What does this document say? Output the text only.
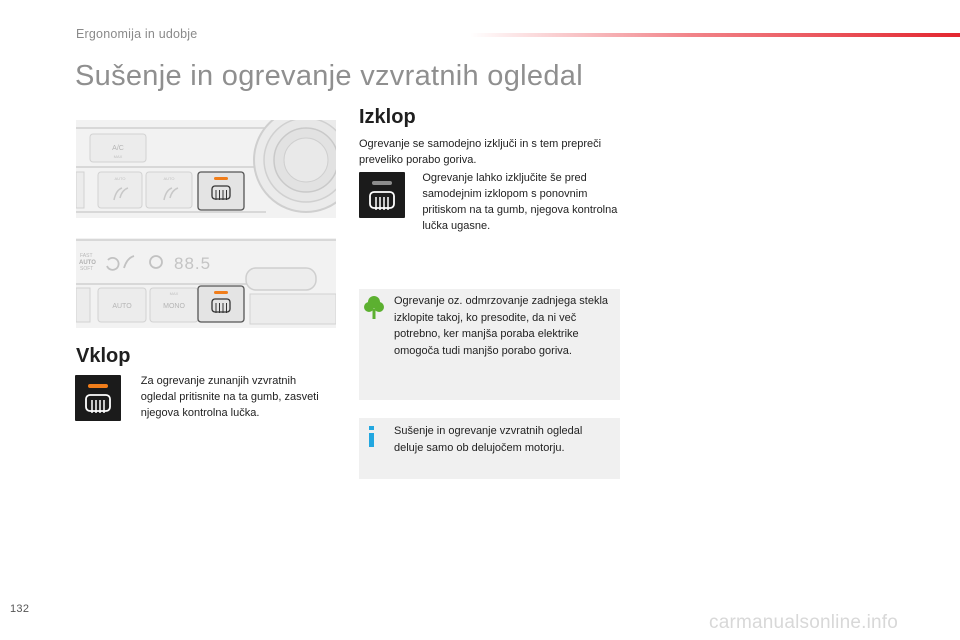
Ergonomija in udobje
Sušenje in ogrevanje vzvratnih ogledal
A/C
MAX
AUTO	AUTO
FAST
AUTO
SOFT	88.5
AUTO
MAX
MONO
Vklop
Za ogrevanje zunanjih vzvratnih ogledal pritisnite na ta gumb, zasveti njegova kontrolna lučka.
Izklop

Ogrevanje se samodejno izključi in s tem prepreči preveliko porabo goriva.

Ogrevanje lahko izključite še pred samodejnim izklopom s ponovnim pritiskom na ta gumb, njegova kontrolna lučka ugasne.
Ogrevanje oz. odmrzovanje zadnjega stekla izklopite takoj, ko presodite, da ni več potrebno, ker manjša poraba elektrike omogoča tudi manjšo porabo goriva.
Sušenje in ogrevanje vzvratnih ogledal deluje samo ob delujočem motorju.
132
carmanualsonline.info
